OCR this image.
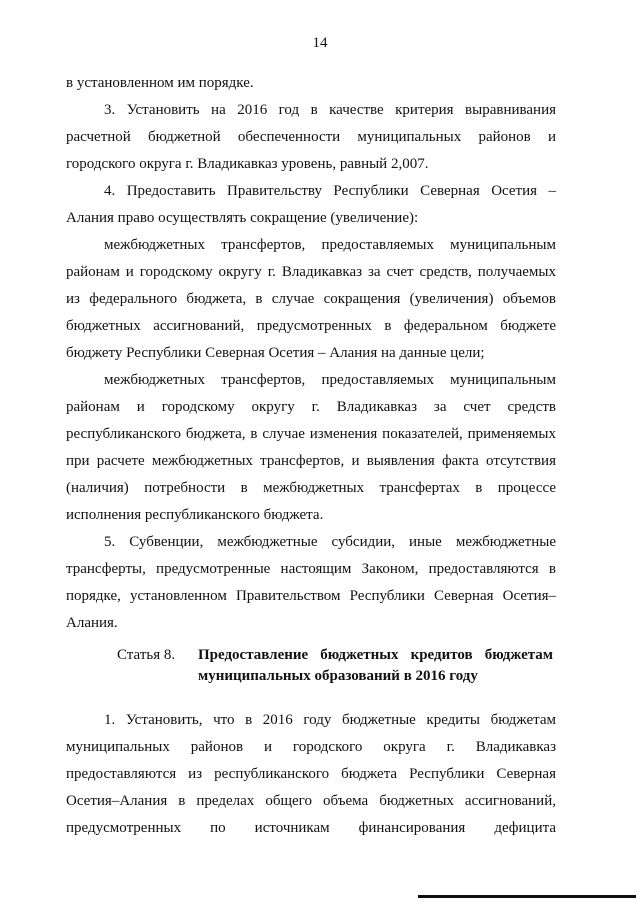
14
в установленном им порядке.
3. Установить на 2016 год в качестве критерия выравнивания
расчетной бюджетной обеспеченности муниципальных районов и
городского округа г. Владикавказ уровень, равный 2,007.
4. Предоставить Правительству Республики Северная Осетия –
Алания право осуществлять сокращение (увеличение):
межбюджетных трансфертов, предоставляемых муниципальным
районам и городскому округу г. Владикавказ за счет средств, получаемых
из федерального бюджета, в случае сокращения (увеличения) объемов
бюджетных ассигнований, предусмотренных в федеральном бюджете
бюджету Республики Северная Осетия – Алания на данные цели;
межбюджетных трансфертов, предоставляемых муниципальным
районам и городскому округу г. Владикавказ за счет средств
республиканского бюджета, в случае изменения показателей, применяемых
при расчете межбюджетных трансфертов, и выявления факта отсутствия
(наличия) потребности в межбюджетных трансфертах в процессе
исполнения республиканского бюджета.
5. Субвенции, межбюджетные субсидии, иные межбюджетные
трансферты, предусмотренные настоящим Законом, предоставляются в
порядке, установленном Правительством Республики Северная Осетия–
Алания.
Статья 8. Предоставление бюджетных кредитов бюджетам
муниципальных образований в 2016 году
1. Установить, что в 2016 году бюджетные кредиты бюджетам
муниципальных районов и городского округа г. Владикавказ
предоставляются из республиканского бюджета Республики Северная
Осетия–Алания в пределах общего объема бюджетных ассигнований,
предусмотренных по источникам финансирования дефицита
